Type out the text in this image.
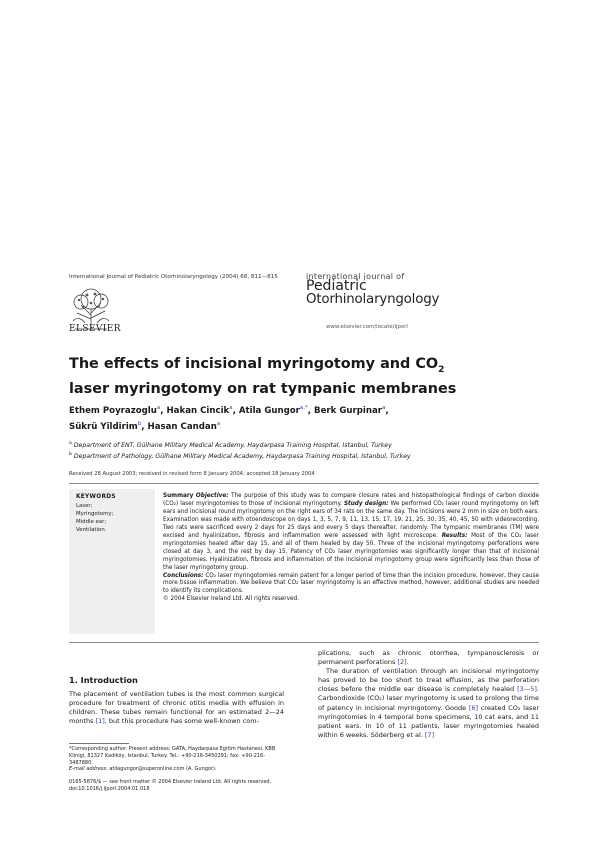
International Journal of Pediatric Otorhinolaryngology (2004) 68, 811—815
ELSEVIER
international journal of
Pediatric
Otorhinolaryngology
www.elsevier.com/locate/ijporl
The effects of incisional myringotomy and $CO_2$
laser myringotomy on rat tympanic membranes
Ethem Poyrazoglu$^a$, Hakan Cincik$^a$, Atila Gungor$^{a,*}$, Berk Gurpinar$^a$,
Sükrü Yildirim$^b$, Hasan Candan$^a$
$^a$ Department of ENT, Gülhane Military Medical Academy, Haydarpasa Training Hospital, Istanbul, Turkey
$^b$ Department of Pathology, Gülhane Military Medical Academy, Haydarpasa Training Hospital, Istanbul, Turkey
Received 28 August 2003; received in revised form 8 January 2004; accepted 18 January 2004
KEYWORDS
Laser;
Myringotomy;
Middle ear;
Ventilation
Summary Objective: The purpose of this study was to compare closure rates and histopathological findings of carbon dioxide (CO₂) laser myringotomies to those of incisional myringotomy. Study design: We performed CO₂ laser round myringotomy on left ears and incisional round myringotomy on the right ears of 34 rats on the same day. The incisions were 2 mm in size on both ears. Examination was made with otoendoscope on days 1, 3, 5, 7, 9, 11, 13, 15, 17, 19, 21, 25, 30, 35, 40, 45, 50 with videorecording. Two rats were sacrificed every 2 days for 25 days and every 5 days thereafter, randomly. The tympanic membranes (TM) were excised and hyalinization, fibrosis and inflammation were assessed with light microscope. Results: Most of the CO₂ laser myringotomies healed after day 15, and all of them healed by day 50. Three of the incisional myringotomy perforations were closed at day 3, and the rest by day 15. Patency of CO₂ laser myringotomies was significantly longer than that of incisional myringotomies. Hyalinization, fibrosis and inflammation of the incisional myringotomy group were significantly less than those of the laser myringotomy group.
Conclusions: CO₂ laser myringotomies remain patent for a longer period of time than the incision procedure, however, they cause more tissue inflammation. We believe that CO₂ laser myringotomy is an effective method, however, additional studies are needed to identify its complications.
© 2004 Elsevier Ireland Ltd. All rights reserved.
1. Introduction
The placement of ventilation tubes is the most common surgical procedure for treatment of chronic otitis media with effusion in children. These tubes remain functional for an estimated 2—24 months [1], but this procedure has some well-known com-
plications, such as chronic otorrhea, tympanosclerosis or permanent perforations [2].
The duration of ventilation through an incisional myringotomy has proved to be too short to treat effusion, as the perforation closes before the middle ear disease is completely healed [3—5]. Carbondioxide (CO₂) laser myringotomy is used to prolong the time of patency in incisional myringotomy. Goode [6] created CO₂ laser myringotomies in 4 temporal bone specimens, 10 cat ears, and 11 patient ears. In 10 of 11 patients, laser myringotomies healed within 6 weeks. Söderberg et al. [7]
*Corresponding author. Present address: GATA, Haydarpasa Egitim Hastanesi, KBB Klinigi, 81327 Kadiköy, Istanbul, Turkey. Tel.: +90-216-3450291; fax: +90-216-3487880.
E-mail address: atilagungor@superonline.com (A. Gungor).
0165-5876/$ — see front matter © 2004 Elsevier Ireland Ltd. All rights reserved.
doi:10.1016/j.ijporl.2004.01.018
